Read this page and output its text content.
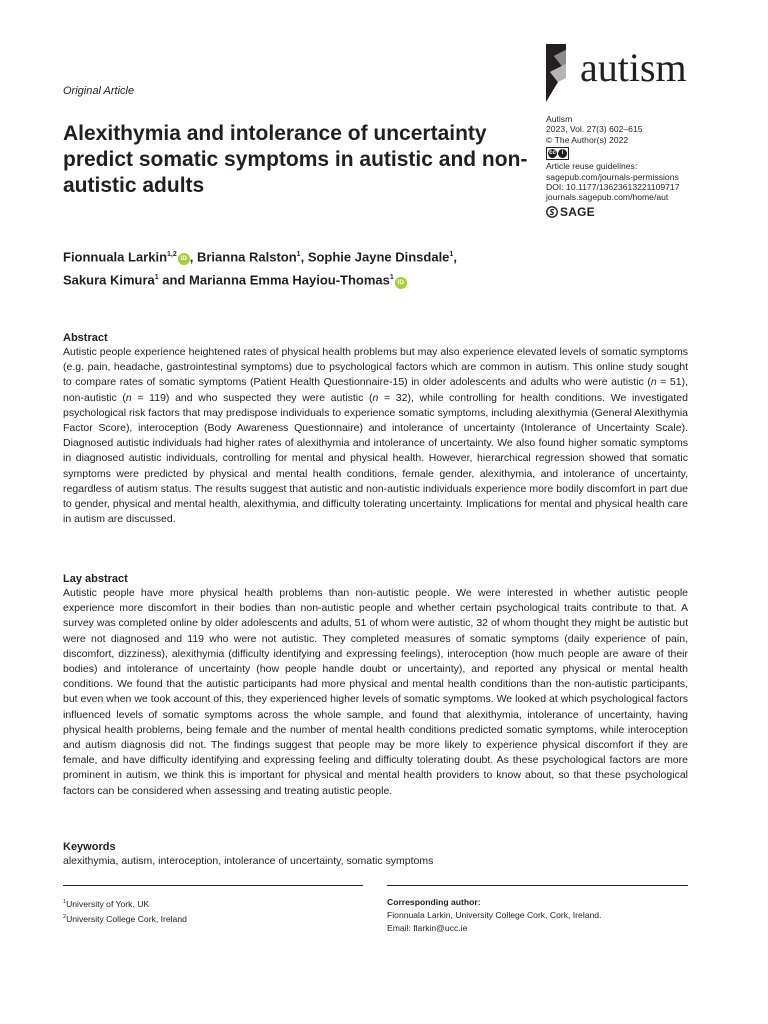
autism
Original Article
Alexithymia and intolerance of uncertainty predict somatic symptoms in autistic and non-autistic adults
Autism
2023, Vol. 27(3) 602–615
© The Author(s) 2022
cc i
Article reuse guidelines:
sagepub.com/journals-permissions
DOI: 10.1177/13623613221109717
journals.sagepub.com/home/aut
SAGE
Fionnuala Larkin$^{1,2}$iD , Brianna Ralston$^1$, Sophie Jayne Dinsdale$^1$,
Sakura Kimura$^1$ and Marianna Emma Hayiou-Thomas$^1$iD
Abstract

Autistic people experience heightened rates of physical health problems but may also experience elevated levels of somatic symptoms (e.g. pain, headache, gastrointestinal symptoms) due to psychological factors which are common in autism. This online study sought to compare rates of somatic symptoms (Patient Health Questionnaire-15) in older adolescents and adults who were autistic (n = 51), non-autistic (n = 119) and who suspected they were autistic (n = 32), while controlling for health conditions. We investigated psychological risk factors that may predispose individuals to experience somatic symptoms, including alexithymia (General Alexithymia Factor Score), interoception (Body Awareness Questionnaire) and intolerance of uncertainty (Intolerance of Uncertainty Scale). Diagnosed autistic individuals had higher rates of alexithymia and intolerance of uncertainty. We also found higher somatic symptoms in diagnosed autistic individuals, controlling for mental and physical health. However, hierarchical regression showed that somatic symptoms were predicted by physical and mental health conditions, female gender, alexithymia, and intolerance of uncertainty, regardless of autism status. The results suggest that autistic and non-autistic individuals experience more bodily discomfort in part due to gender, physical and mental health, alexithymia, and difficulty tolerating uncertainty. Implications for mental and physical health care in autism are discussed.

Lay abstract

Autistic people have more physical health problems than non-autistic people. We were interested in whether autistic people experience more discomfort in their bodies than non-autistic people and whether certain psychological traits contribute to that. A survey was completed online by older adolescents and adults, 51 of whom were autistic, 32 of whom thought they might be autistic but were not diagnosed and 119 who were not autistic. They completed measures of somatic symptoms (daily experience of pain, discomfort, dizziness), alexithymia (difficulty identifying and expressing feelings), interoception (how much people are aware of their bodies) and intolerance of uncertainty (how people handle doubt or uncertainty), and reported any physical or mental health conditions. We found that the autistic participants had more physical and mental health conditions than the non-autistic participants, but even when we took account of this, they experienced higher levels of somatic symptoms. We looked at which psychological factors influenced levels of somatic symptoms across the whole sample, and found that alexithymia, intolerance of uncertainty, having physical health problems, being female and the number of mental health conditions predicted somatic symptoms, while interoception and autism diagnosis did not. The findings suggest that people may be more likely to experience physical discomfort if they are female, and have difficulty identifying and expressing feeling and difficulty tolerating doubt. As these psychological factors are more prominent in autism, we think this is important for physical and mental health providers to know about, so that these psychological factors can be considered when assessing and treating autistic people.

Keywords

alexithymia, autism, interoception, intolerance of uncertainty, somatic symptoms

$^1$University of York, UK
$^2$University College Cork, Ireland
Corresponding author:
Fionnuala Larkin, University College Cork, Cork, Ireland.
Email: flarkin@ucc.ie
